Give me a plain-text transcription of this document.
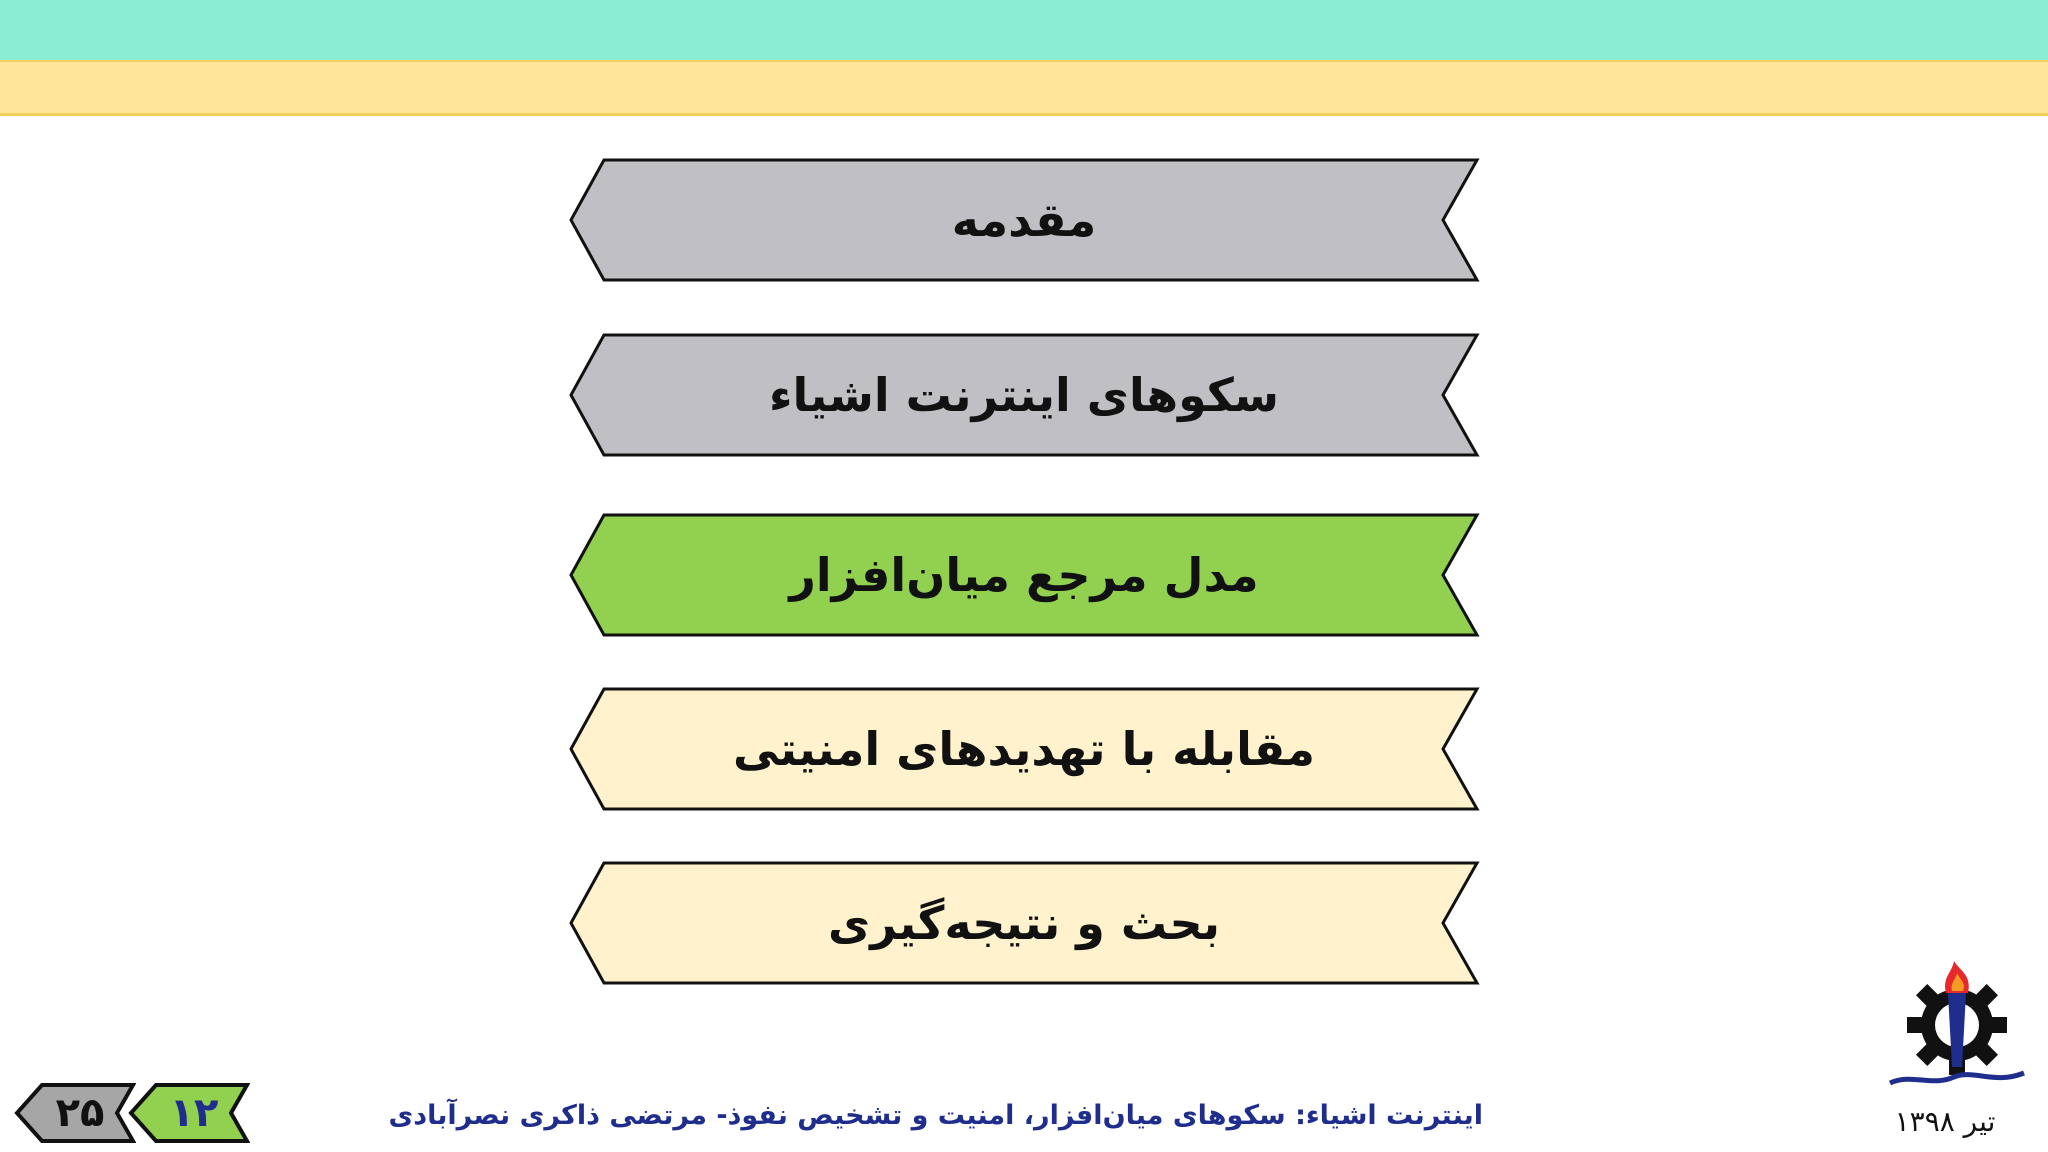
مقدمه
سکوهای اینترنت اشیاء
مدل مرجع میان‌افزار
مقابله با تهدیدهای امنیتی
بحث و نتیجه‌گیری
۲۵	۱۲	اینترنت اشیاء: سکوهای میان‌افزار، امنیت و تشخیص نفوذ- مرتضی ذاکری نصرآبادی	تیر ۱۳۹۸
